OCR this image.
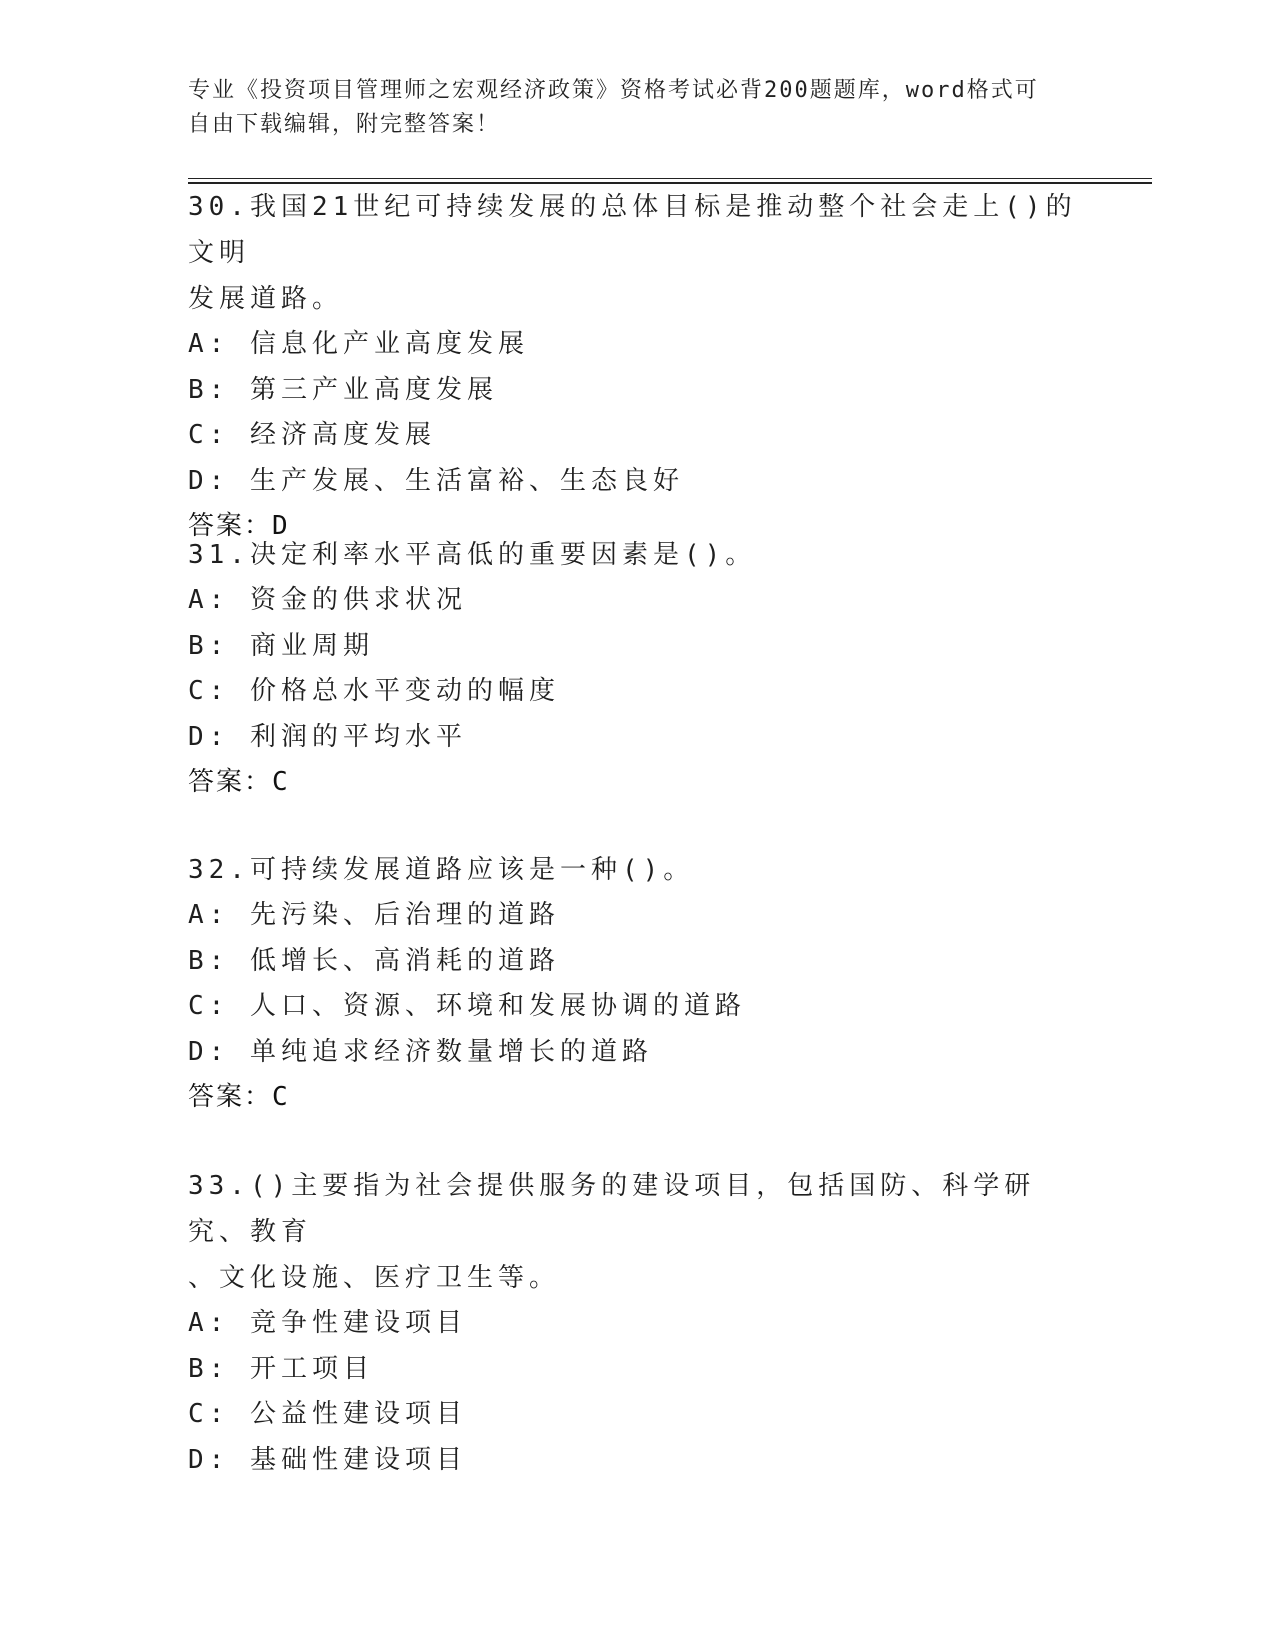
专业《投资项目管理师之宏观经济政策》资格考试必背200题题库，word格式可
自由下载编辑，附完整答案！

30.我国21世纪可持续发展的总体目标是推动整个社会走上()的文明

发展道路。

A: 信息化产业高度发展

B: 第三产业高度发展

C: 经济高度发展

D: 生产发展、生活富裕、生态良好

答案：D

31.决定利率水平高低的重要因素是()。

A: 资金的供求状况

B: 商业周期

C: 价格总水平变动的幅度

D: 利润的平均水平

答案：C

32.可持续发展道路应该是一种()。

A: 先污染、后治理的道路

B: 低增长、高消耗的道路

C: 人口、资源、环境和发展协调的道路

D: 单纯追求经济数量增长的道路

答案：C

33.()主要指为社会提供服务的建设项目，包括国防、科学研究、教育

、文化设施、医疗卫生等。

A: 竞争性建设项目

B: 开工项目

C: 公益性建设项目

D: 基础性建设项目
